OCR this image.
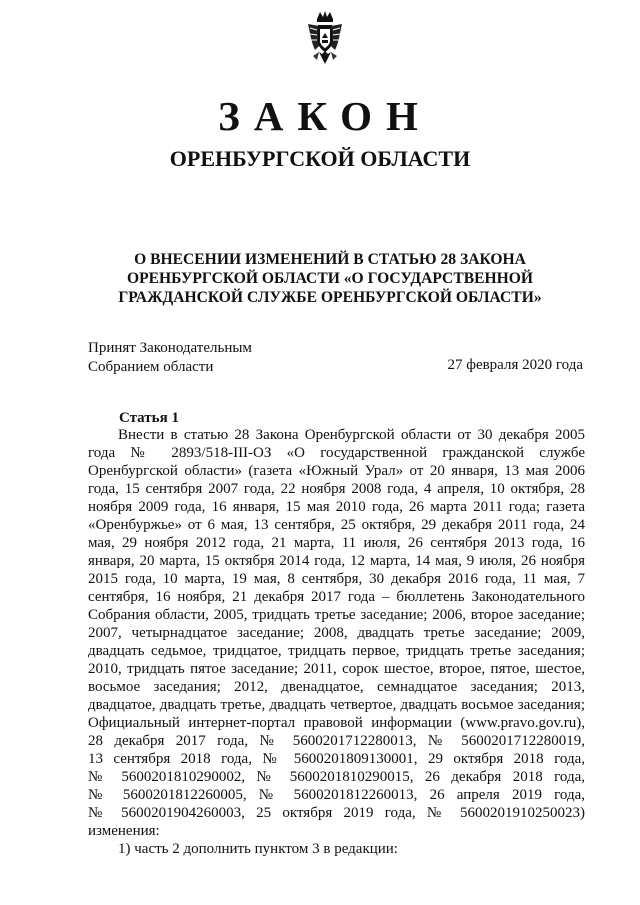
ЗАКОН
ОРЕНБУРГСКОЙ ОБЛАСТИ
О ВНЕСЕНИИ ИЗМЕНЕНИЙ В СТАТЬЮ 28 ЗАКОНА
ОРЕНБУРГСКОЙ ОБЛАСТИ «О ГОСУДАРСТВЕННОЙ
ГРАЖДАНСКОЙ СЛУЖБЕ ОРЕНБУРГСКОЙ ОБЛАСТИ»
Принят Законодательным
Собранием области	27 февраля 2020 года
Статья 1
Внести в статью 28 Закона Оренбургской области от 30 декабря 2005
года № 2893/518-III-ОЗ «О государственной гражданской службе
Оренбургской области» (газета «Южный Урал» от 20 января, 13 мая 2006
года, 15 сентября 2007 года, 22 ноября 2008 года, 4 апреля, 10 октября, 28
ноября 2009 года, 16 января, 15 мая 2010 года, 26 марта 2011 года; газета
«Оренбуржье» от 6 мая, 13 сентября, 25 октября, 29 декабря 2011 года, 24
мая, 29 ноября 2012 года, 21 марта, 11 июля, 26 сентября 2013 года, 16
января, 20 марта, 15 октября 2014 года, 12 марта, 14 мая, 9 июля, 26 ноября
2015 года, 10 марта, 19 мая, 8 сентября, 30 декабря 2016 года, 11 мая, 7
сентября, 16 ноября, 21 декабря 2017 года – бюллетень Законодательного
Собрания области, 2005, тридцать третье заседание; 2006, второе заседание;
2007, четырнадцатое заседание; 2008, двадцать третье заседание; 2009,
двадцать седьмое, тридцатое, тридцать первое, тридцать третье заседания;
2010, тридцать пятое заседание; 2011, сорок шестое, второе, пятое, шестое,
восьмое заседания; 2012, двенадцатое, семнадцатое заседания; 2013,
двадцатое, двадцать третье, двадцать четвертое, двадцать восьмое заседания;
Официальный интернет-портал правовой информации (www.pravo.gov.ru),
28 декабря 2017 года, № 5600201712280013, № 5600201712280019,
13 сентября 2018 года, № 5600201809130001, 29 октября 2018 года,
№ 5600201810290002, № 5600201810290015, 26 декабря 2018 года,
№ 5600201812260005, № 5600201812260013, 26 апреля 2019 года,
№ 5600201904260003, 25 октября 2019 года, № 5600201910250023)
изменения:
1) часть 2 дополнить пунктом 3 в редакции:
